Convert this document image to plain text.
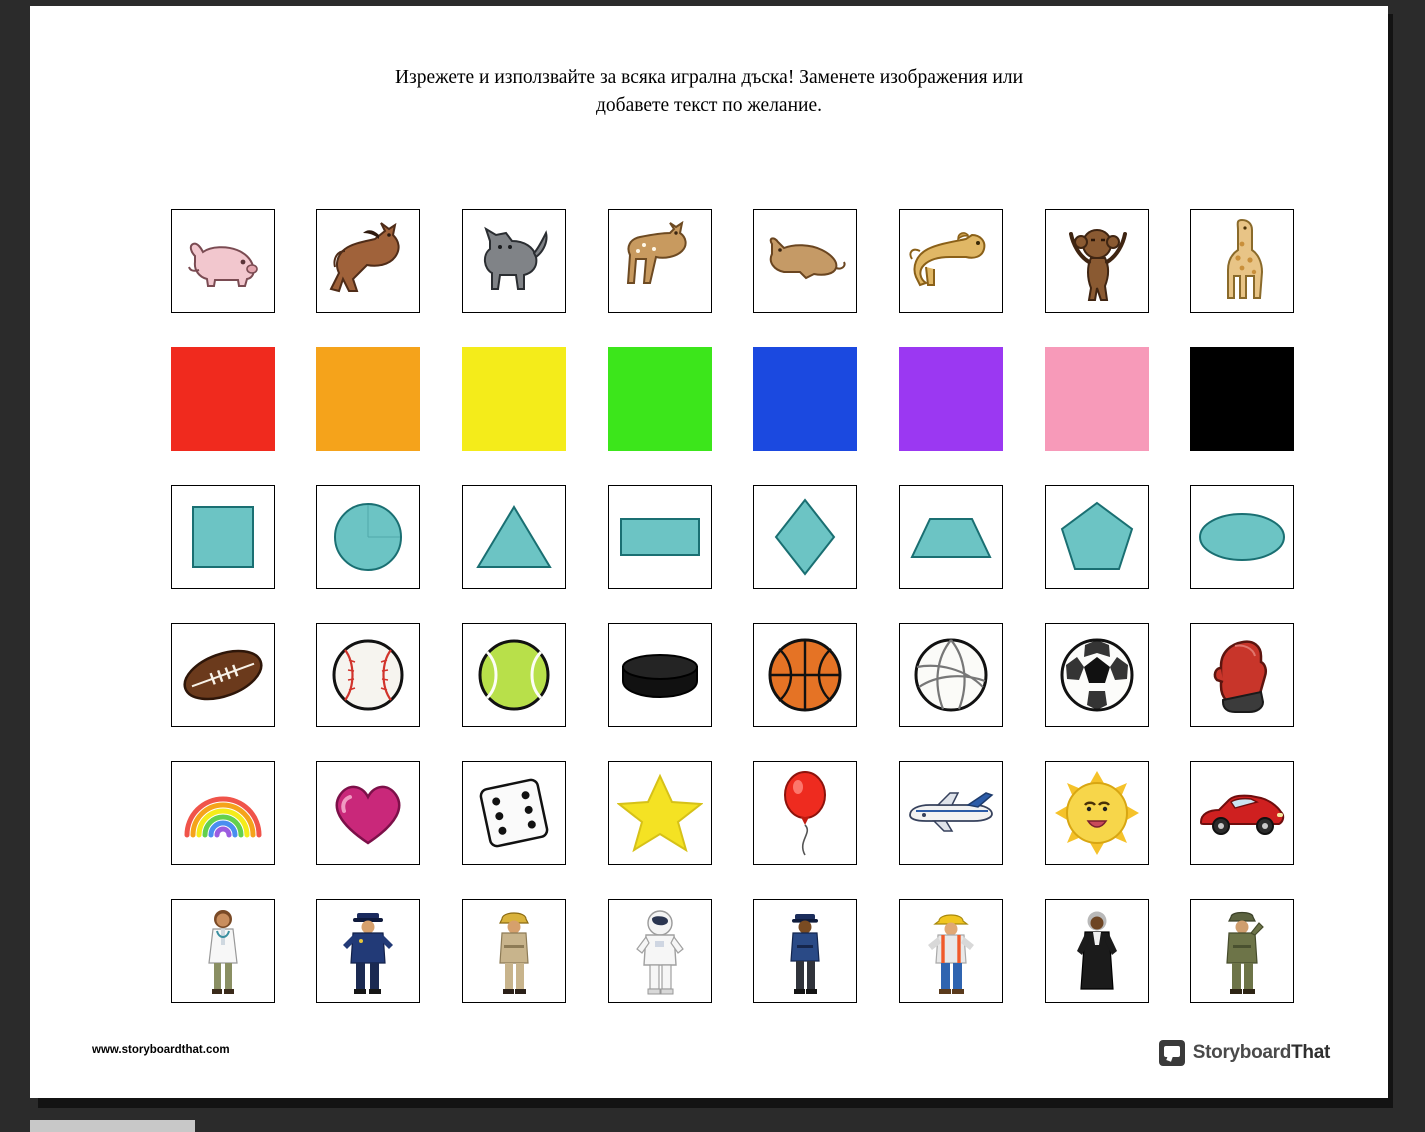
Изрежете и използвайте за всяка игрална дъска! Заменете изображения или
добавете текст по желание.
www.storyboardthat.com	StoryboardThat
